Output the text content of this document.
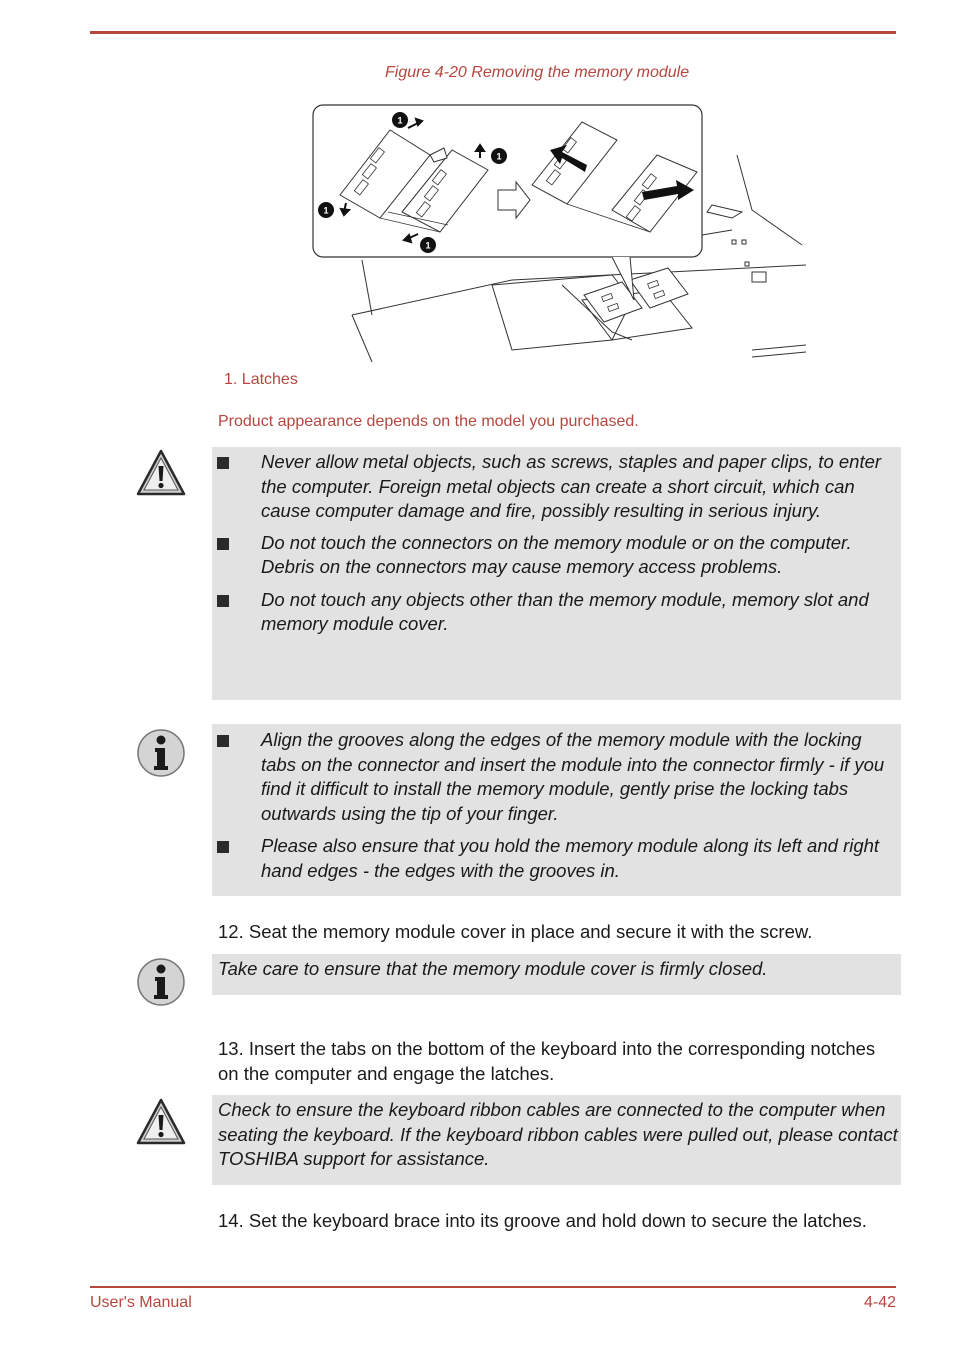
Figure 4-20 Removing the memory module
1
1
1
1
1. Latches
Product appearance depends on the model you purchased.
Never allow metal objects, such as screws, staples and paper clips, to enter the computer. Foreign metal objects can create a short circuit, which can cause computer damage and fire, possibly resulting in serious injury.
Do not touch the connectors on the memory module or on the computer. Debris on the connectors may cause memory access problems.
Do not touch any objects other than the memory module, memory slot and memory module cover.
Align the grooves along the edges of the memory module with the locking tabs on the connector and insert the module into the connector firmly - if you find it difficult to install the memory module, gently prise the locking tabs outwards using the tip of your finger.
Please also ensure that you hold the memory module along its left and right hand edges - the edges with the grooves in.
12. Seat the memory module cover in place and secure it with the screw.
Take care to ensure that the memory module cover is firmly closed.
13. Insert the tabs on the bottom of the keyboard into the corresponding notches on the computer and engage the latches.
Check to ensure the keyboard ribbon cables are connected to the computer when seating the keyboard. If the keyboard ribbon cables were pulled out, please contact TOSHIBA support for assistance.
14. Set the keyboard brace into its groove and hold down to secure the latches.
User's Manual	4-42
